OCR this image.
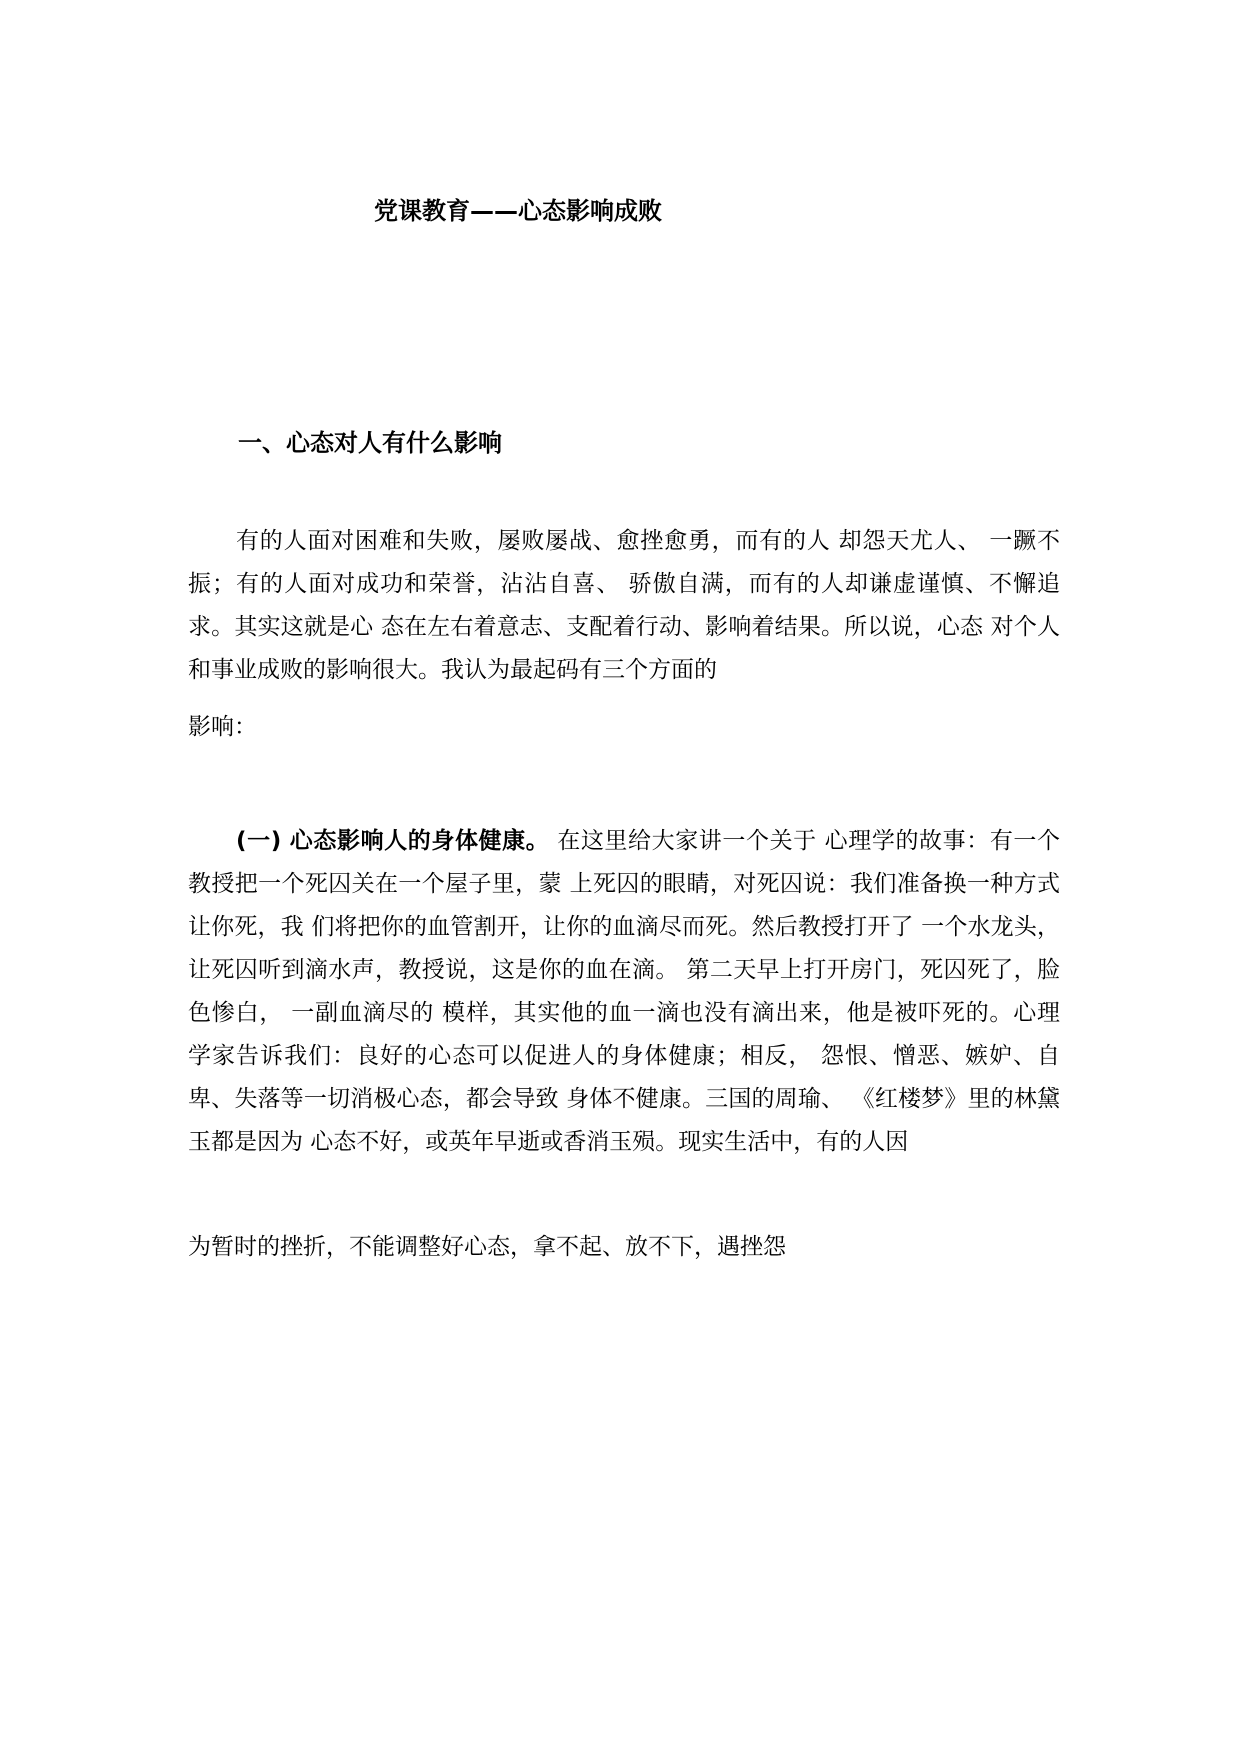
党课教育——心态影响成败
一、心态对人有什么影响

有的人面对困难和失败，屡败屡战、愈挫愈勇，而有的人 却怨天尤人、 一蹶不振；有的人面对成功和荣誉，沾沾自喜、 骄傲自满，而有的人却谦虚谨慎、不懈追求。其实这就是心 态在左右着意志、支配着行动、影响着结果。所以说，心态 对个人和事业成败的影响很大。我认为最起码有三个方面的

影响：

(一) 心态影响人的身体健康。 在这里给大家讲一个关于 心理学的故事：有一个教授把一个死囚关在一个屋子里，蒙 上死囚的眼睛，对死囚说：我们准备换一种方式让你死，我 们将把你的血管割开，让你的血滴尽而死。然后教授打开了 一个水龙头，让死囚听到滴水声，教授说，这是你的血在滴。 第二天早上打开房门，死囚死了，脸色惨白， 一副血滴尽的 模样，其实他的血一滴也没有滴出来，他是被吓死的。心理 学家告诉我们：良好的心态可以促进人的身体健康；相反， 怨恨、憎恶、嫉妒、自卑、失落等一切消极心态，都会导致 身体不健康。三国的周瑜、 《红楼梦》里的林黛玉都是因为 心态不好，或英年早逝或香消玉殒。现实生活中，有的人因

为暂时的挫折，不能调整好心态，拿不起、放不下，遇挫怨
